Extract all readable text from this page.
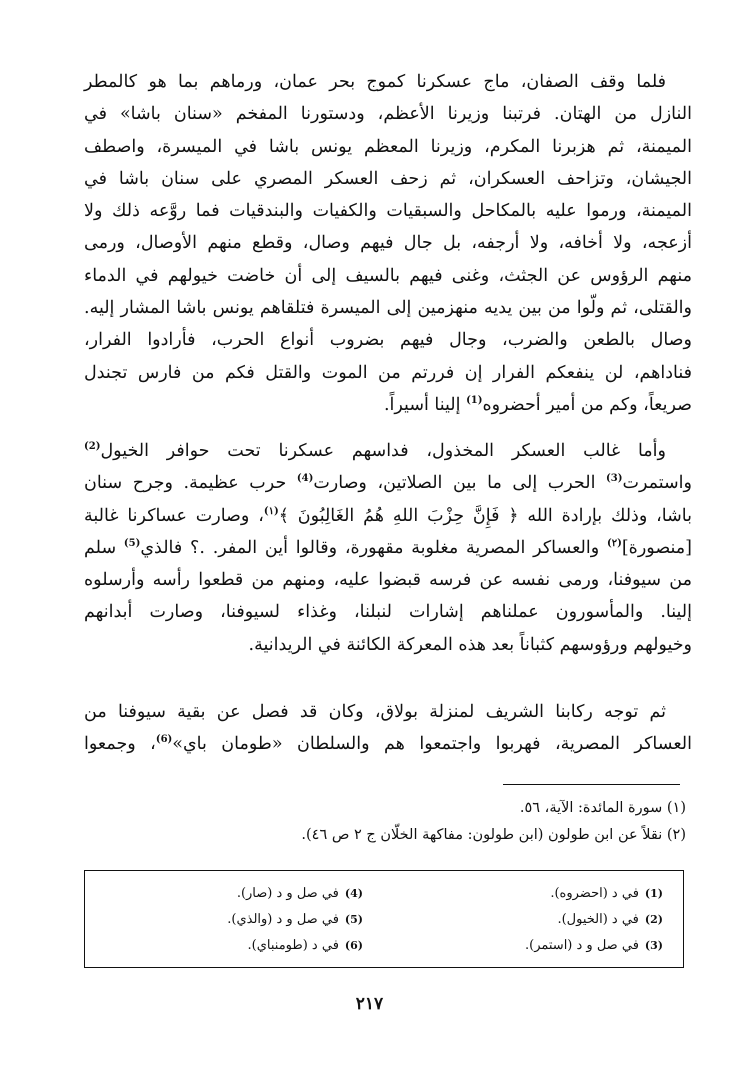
فلما وقف الصفان، ماج عسكرنا كموج بحر عمان، ورماهم بما هو كالمطر
النازل من الهتان. فرتبنا وزيرنا الأعظم، ودستورنا المفخم «سنان باشا» في
الميمنة، ثم هزبرنا المكرم، وزيرنا المعظم يونس باشا في الميسرة، واصطف
الجيشان، وتزاحف العسكران، ثم زحف العسكر المصري على سنان باشا في
الميمنة، ورموا عليه بالمكاحل والسبقيات والكفيات والبندقيات فما روَّعه ذلك ولا
أزعجه، ولا أخافه، ولا أرجفه، بل جال فيهم وصال، وقطع منهم الأوصال، ورمى
منهم الرؤوس عن الجثث، وغنى فيهم بالسيف إلى أن خاضت خيولهم في الدماء
والقتلى، ثم ولّوا من بين يديه منهزمين إلى الميسرة فتلقاهم يونس باشا المشار إليه.
وصال بالطعن والضرب، وجال فيهم بضروب أنواع الحرب، فأرادوا الفرار،
فناداهم، لن ينفعكم الفرار إن فررتم من الموت والقتل فكم من فارس تجندل
صريعاً، وكم من أمير أحضروه$^{(1)}$ إلينا أسيراً.

وأما غالب العسكر المخذول، فداسهم عسكرنا تحت حوافر الخيول$^{(2)}$
واستمرت$^{(3)}$ الحرب إلى ما بين الصلاتين، وصارت$^{(4)}$ حرب عظيمة. وجرح سنان
باشا، وذلك بإرادة الله ﴿ فَإِنَّ حِزْبَ اللهِ هُمُ الغَالِبُونَ ﴾$^{(١)}$، وصارت عساكرنا غالبة
[منصورة]$^{(٢)}$ والعساكر المصرية مغلوبة مقهورة، وقالوا أين المفر. .؟ فالذي$^{(5)}$ سلم
من سيوفنا، ورمى نفسه عن فرسه قبضوا عليه، ومنهم من قطعوا رأسه وأرسلوه
إلينا. والمأسورون عملناهم إشارات لنبلنا، وغذاء لسيوفنا، وصارت أبدانهم
وخيولهم ورؤوسهم كثباناً بعد هذه المعركة الكائنة في الريدانية.

ثم توجه ركابنا الشريف لمنزلة بولاق، وكان قد فصل عن بقية سيوفنا من
العساكر المصرية، فهربوا واجتمعوا هم والسلطان «طومان باي»$^{(6)}$، وجمعوا

(١) سورة المائدة: الآية، ٥٦.
(٢) نقلاً عن ابن طولون (ابن طولون: مفاكهة الخلّان ج ٢ ص ٤٦).

(1)في د (احضروه).
(2)في د (الخيول).
(3)في صل و د (استمر).
(4)في صل و د (صار).
(5)في صل و د (والذي).
(6)في د (طومنباي).
٢١٧
